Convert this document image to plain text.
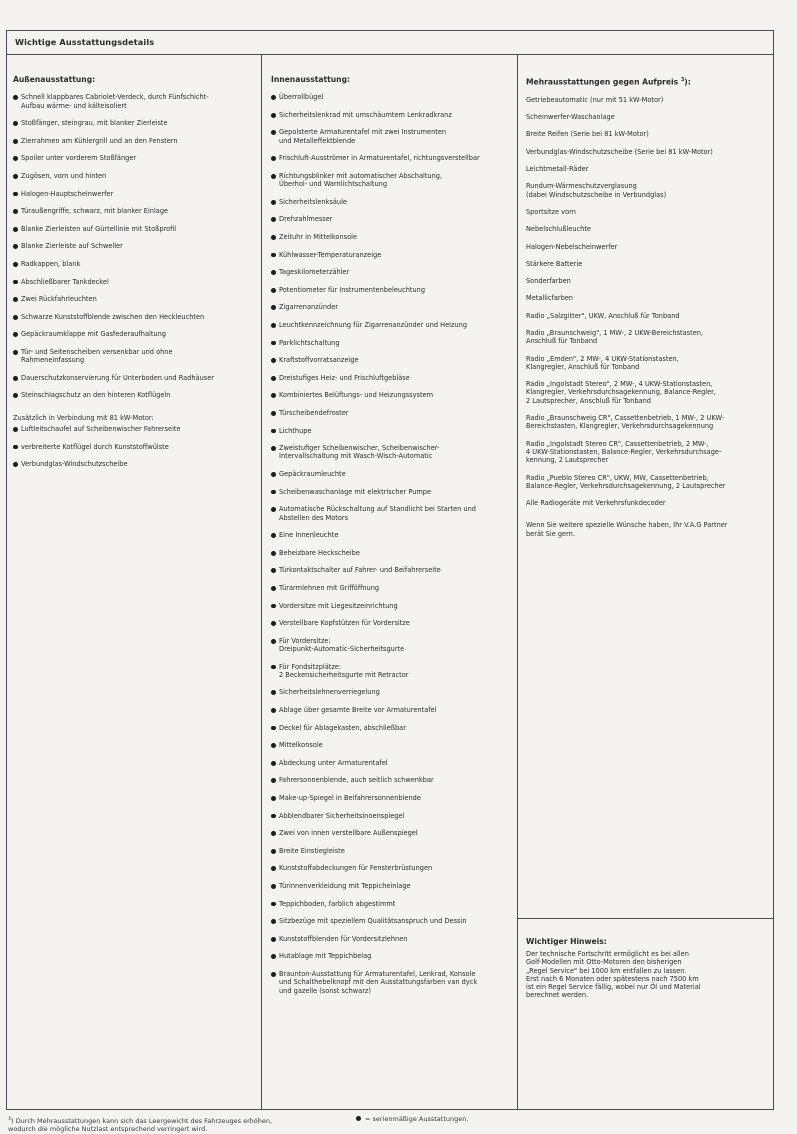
Wichtige Ausstattungsdetails
Außenausstattung:
Schnell klappbares Cabriolet-Verdeck, durch Fünfschicht-
Aufbau wärme- und kälteisoliert
Stoßfänger, steingrau, mit blanker Zierleiste
Zierrahmen am Kühlergrill und an den Fenstern
Spoiler unter vorderem Stoßfänger
Zugösen, vorn und hinten
Halogen-Hauptscheinwerfer
Türaußengriffe, schwarz, mit blanker Einlage
Blanke Zierleisten auf Gürtellinie mit Stoßprofil
Blanke Zierleiste auf Schweller
Radkappen, blank
Abschließbarer Tankdeckel
Zwei Rückfahrleuchten
Schwarze Kunststoffblende zwischen den Heckleuchten
Gepäckraumklappe mit Gasfederaufhaltung
Tür- und Seitenscheiben versenkbar und ohne
Rahmeneinfassung
Dauerschutzkonservierung für Unterboden und Radhäuser
Steinschlagschutz an den hinteren Kotflügeln
Zusätzlich in Verbindung mit 81 kW-Motor:
Luftleitschaufel auf Scheibenwischer Fahrerseite
verbreiterte Kotflügel durch Kunststoffwülste
Verbundglas-Windschutzscheibe
Innenausstattung:
Überrollbügel
Sicherheitslenkrad mit umschäumtem Lenkradkranz
Gepolsterte Armaturentafel mit zwei Instrumenten
und Metalleffektblende
Frischluft-Ausströmer in Armaturentafel, richtungsverstellbar
Richtungsblinker mit automatischer Abschaltung,
Überhol- und Warnlichtschaltung
Sicherheitslenksäule
Drehzahlmesser
Zeituhr in Mittelkonsole
Kühlwasser-Temperaturanzeige
Tageskilometerzähler
Potentiometer für Instrumentenbeleuchtung
Zigarrenanzünder
Leuchtkennzeichnung für Zigarrenanzünder und Heizung
Parklichtschaltung
Kraftstoffvorratsanzeige
Dreistufiges Heiz- und Frischluftgebläse
Kombiniertes Belüftungs- und Heizungssystem
Türscheibendefroster
Lichthupe
Zweistufiger Scheibenwischer, Scheibenwischer-
Intervallschaltung mit Wasch-Wisch-Automatic
Gepäckraumleuchte
Scheibenwaschanlage mit elektrischer Pumpe
Automatische Rückschaltung auf Standlicht bei Starten und
Abstellen des Motors
Eine Innenleuchte
Beheizbare Heckscheibe
Türkontaktschalter auf Fahrer- und Beifahrerseite
Türarmlehnen mit Grifföffnung
Vordersitze mit Liegesitzeinrichtung
Verstellbare Kopfstützen für Vordersitze
Für Vordersitze:
Dreipunkt-Automatic-Sicherheitsgurte
Für Fondsitzplätze:
2 Beckensicherheitsgurte mit Retractor
Sicherheitslehnenverriegelung
Ablage über gesamte Breite vor Armaturentafel
Deckel für Ablagekasten, abschließbar
Mittelkonsole
Abdeckung unter Armaturentafel
Fahrersonnenblende, auch seitlich schwenkbar
Make-up-Spiegel in Beifahrersonnenblende
Abblendbarer Sicherheitsinnenspiegel
Zwei von innen verstellbare Außenspiegel
Breite Einstiegleiste
Kunststoffabdeckungen für Fensterbrüstungen
Türinnenverkleidung mit Teppicheinlage
Teppichboden, farblich abgestimmt
Sitzbezüge mit speziellem Qualitätsanspruch und Dessin
Kunststoffblenden für Vordersitzlehnen
Hutablage mit Teppichbelag
Braunton-Ausstattung für Armaturentafel, Lenkrad, Konsole
und Schalthebelknopf mit den Ausstattungsfarben van dyck
und gazelle (sonst schwarz)
Mehrausstattungen gegen Aufpreis $^3$):
Getriebeautomatic (nur mit 51 kW-Motor)
Scheinwerfer-Waschanlage
Breite Reifen (Serie bei 81 kW-Motor)
Verbundglas-Windschutzscheibe (Serie bei 81 kW-Motor)
Leichtmetall-Räder
Rundum-Wärmeschutzverglasung
(dabei Windschutzscheibe in Verbundglas)
Sportsitze vorn
Nebelschlußleuchte
Halogen-Nebelscheinwerfer
Stärkere Batterie
Sonderfarben
Metallicfarben
Radio „Salzgitter", UKW, Anschluß für Tonband
Radio „Braunschweig", 1 MW-, 2 UKW-Bereichstasten,
Anschluß für Tonband
Radio „Emden", 2 MW-, 4 UKW-Stationstasten,
Klangregler, Anschluß für Tonband
Radio „Ingolstadt Stereo", 2 MW-, 4 UKW-Stationstasten,
Klangregler, Verkehrsdurchsagekennung, Balance-Regler,
2 Lautsprecher, Anschluß für Tonband
Radio „Braunschweig CR", Cassettenbetrieb, 1 MW-, 2 UKW-
Bereichstasten, Klangregler, Verkehrsdurchsagekennung
Radio „Ingolstadt Stereo CR", Cassettenbetrieb, 2 MW-,
4 UKW-Stationstasten, Balance-Regler, Verkehrsdurchsage-
kennung, 2 Lautsprecher
Radio „Pueblo Stereo CR", UKW, MW, Cassettenbetrieb,
Balance-Regler, Verkehrsdurchsagekennung, 2 Lautsprecher
Alle Radiogeräte mit Verkehrsfunkdecoder
Wenn Sie weitere spezielle Wünsche haben, Ihr V.A.G Partner
berät Sie gern.
Wichtiger Hinweis:
Der technische Fortschritt ermöglicht es bei allen
Golf-Modellen mit Otto-Motoren den bisherigen
„Regel Service" bei 1000 km entfallen zu lassen.
Erst nach 6 Monaten oder spätestens nach 7500 km
ist ein Regel Service fällig, wobei nur Öl und Material
berechnet werden.
$^3$) Durch Mehrausstattungen kann sich das Leergewicht des Fahrzeuges erhöhen,
wodurch die mögliche Nutzlast entsprechend verringert wird.
= serienmäßige Ausstattungen.
